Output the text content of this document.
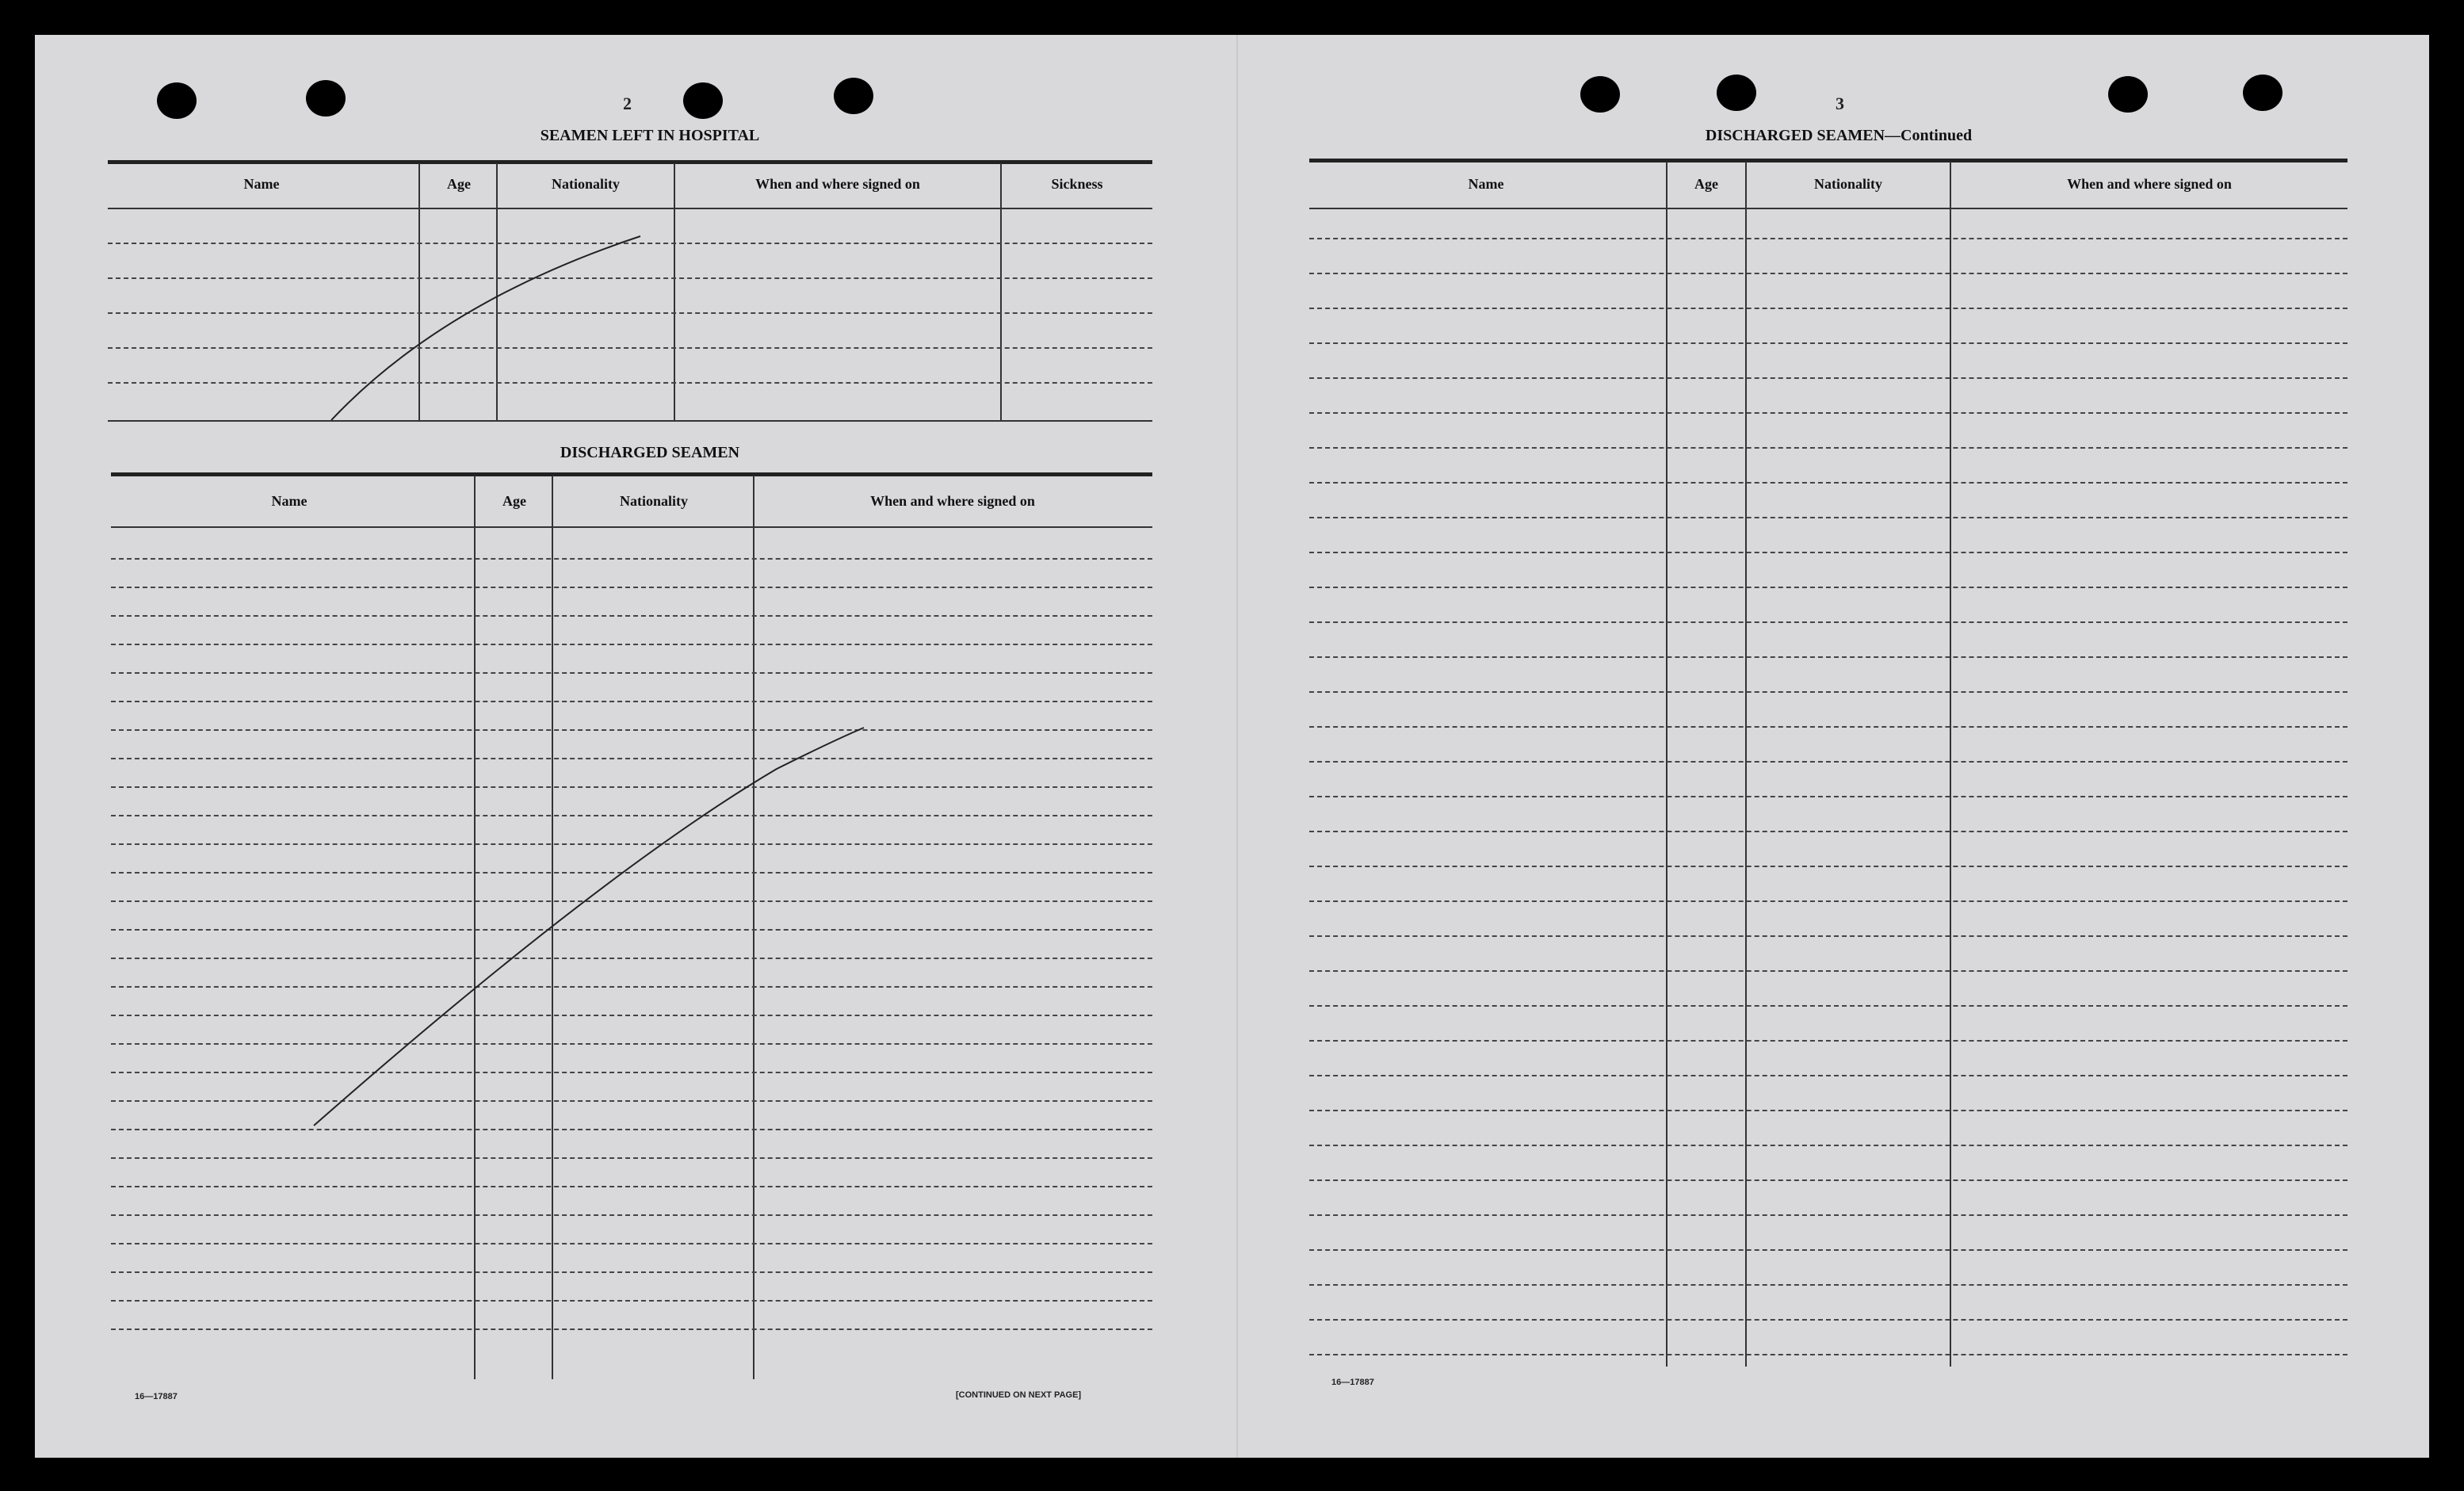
2
SEAMEN LEFT IN HOSPITAL
Name	Age	Nationality	When and where signed on	Sickness
DISCHARGED SEAMEN
Name	Age	Nationality	When and where signed on
16—17887	[CONTINUED ON NEXT PAGE]
3
DISCHARGED SEAMEN—Continued
Name	Age	Nationality	When and where signed on
16—17887
